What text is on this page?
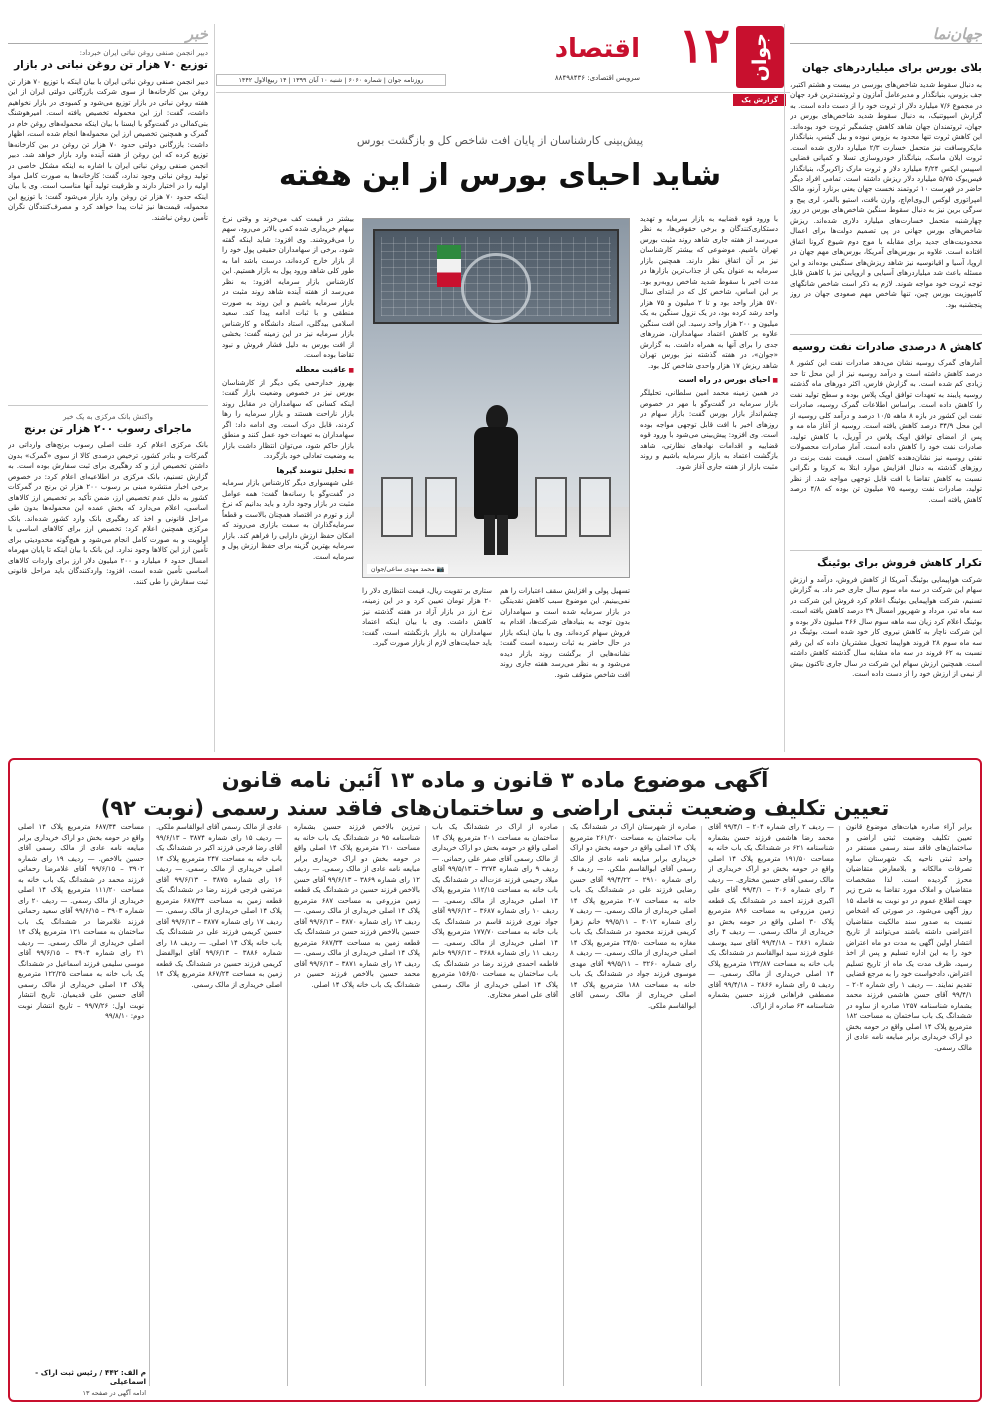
جوان
۱۲
اقتصاد
سرویس اقتصادی: ۸۸۴۹۸۴۳۶
روزنامه جوان | شماره ۶۰۶۰ | شنبه ۱۰ آبان ۱۳۹۹ | ۱۴ ربیع‌الاول ۱۴۴۲
گزارش یک
جهان‌نما
بلای بورس برای میلیاردرهای جهان
به دنبال سقوط شدید شاخص‌های بورسی در بیست و هشتم اکتبر، جف بزوس، بنیانگذار و مدیرعامل آمازون و ثروتمندترین فرد جهان در مجموع ۷/۶ میلیارد دلار از ثروت خود را از دست داده است. به گزارش اسپوتنیک، به دنبال سقوط شدید شاخص‌های بورس در جهان، ثروتمندان جهان شاهد کاهش چشمگیر ثروت خود بوده‌اند. این کاهش ثروت تنها محدود به بزوس نبوده و بیل گیتس، بنیانگذار مایکروسافت نیز متحمل خسارت ۲/۳ میلیارد دلاری شده است. ثروت ایلان ماسک، بنیانگذار خودروسازی تسلا و کمپانی فضایی اسپیس ایکس ۴/۲۴ میلیارد دلار و ثروت مارک زاکربرگ، بنیانگذار فیس‌بوک ۵/۷۵ میلیارد دلار ریزش داشته است. تمامی افراد دیگر حاضر در فهرست ۱۰ ثروتمند نخست جهان یعنی برنارد آرنو، مالک امپراتوری لوکس ال‌وی‌ام‌اچ، وارن بافت، استیو بالمر، لری پیج و سرگی برین نیز به دنبال سقوط سنگین شاخص‌های بورس در روز چهارشنبه متحمل خسارت‌های میلیارد دلاری شده‌اند. ریزش شاخص‌های بورس جهانی در پی تصمیم دولت‌ها برای اعمال محدودیت‌های جدید برای مقابله با موج دوم شیوع کرونا اتفاق افتاده است. علاوه بر بورس‌های آمریکا، بورس‌های مهم جهان در اروپا، آسیا و اقیانوسیه نیز شاهد ریزش‌های سنگینی بوده‌اند و این مسئله باعث شد میلیاردرهای آسیایی و اروپایی نیز با کاهش قابل توجه ثروت خود مواجه شوند. لازم به ذکر است شاخص شانگهای کامپوزیت بورس چین، تنها شاخص مهم صعودی جهان در روز پنجشنبه بود.
کاهش ۸ درصدی صادرات نفت روسیه
آمارهای گمرک روسیه نشان می‌دهد صادرات نفت این کشور ۸ درصد کاهش داشته است و درآمد روسیه نیز از این محل تا حد زیادی کم شده است. به گزارش فارس، اکثر دورهای ماه گذشته روسیه پایبند به تعهدات توافق اوپک پلاس بوده و سطح تولید نفت را کاهش داده است. براساس اطلاعات گمرک روسیه، صادرات نفت این کشور در بازه ۸ ماهه ۱۰/۵ درصد و درآمد کلی روسیه از این محل ۳۴/۹ درصد کاهش یافته است. روسیه از آغاز ماه مه و پس از امضای توافق اوپک پلاس در آوریل، با کاهش تولید، صادرات نفت خود را کاهش داده است. آمار صادرات محصولات نفتی روسیه نیز نشان‌دهنده کاهش است. قیمت نفت برنت در روزهای گذشته به دنبال افزایش موارد ابتلا به کرونا و نگرانی نسبت به کاهش تقاضا با افت قابل توجهی مواجه شد. از نظر تولید، صادرات نفت روسیه ۷۵ میلیون تن بوده که ۴/۸ درصد کاهش یافته است.
تکرار کاهش فروش برای بوئینگ
شرکت هواپیمایی بوئینگ آمریکا از کاهش فروش، درآمد و ارزش سهام این شرکت در سه ماه سوم سال جاری خبر داد. به گزارش تسنیم، شرکت هواپیمایی بوئینگ اعلام کرد فروش این شرکت در سه ماه تیر، مرداد و شهریور امسال ۲۹ درصد کاهش یافته است. بوئینگ اعلام کرد زیان سه ماهه سوم سال ۴۶۶ میلیون دلار بوده و این شرکت ناچار به کاهش نیروی کار خود شده است. بوئینگ در سه ماه سوم ۲۸ فروند هواپیما تحویل مشتریان داده که این رقم نسبت به ۶۲ فروند در سه ماه مشابه سال گذشته کاهش داشته است. همچنین ارزش سهام این شرکت در سال جاری تاکنون بیش از نیمی از ارزش خود را از دست داده است.
پیش‌بینی کارشناسان از پایان افت شاخص کل و بازگشت بورس
شاید احیای بورس از این هفته

با ورود قوه قضاییه به بازار سرمایه و تهدید دستکاری‌کنندگان و برخی حقوقی‌ها، به نظر می‌رسد از هفته جاری شاهد روند مثبت بورس تهران باشیم. موضوعی که بیشتر کارشناسان نیز بر آن اتفاق نظر دارند. همچنین بازار سرمایه به عنوان یکی از جذاب‌ترین بازارها در مدت اخیر با سقوط شدید شاخص روبه‌رو بود. بر این اساس، شاخص کل که در ابتدای سال ۵۷۰ هزار واحد بود و تا ۲ میلیون و ۷۵ هزار واحد رشد کرده بود، در یک نزول سنگین به یک میلیون و ۲۰۰ هزار واحد رسید. این افت سنگین علاوه بر کاهش اعتماد سهامداران، ضررهای جدی را برای آنها به همراه داشت. به گزارش «جوان»، در هفته گذشته نیز بورس تهران شاهد ریزش ۱۷ هزار واحدی شاخص کل بود.

■ احیای بورس در راه است

در همین زمینه محمد امین سلطانی، تحلیلگر بازار سرمایه در گفت‌وگو با مهر در خصوص چشم‌انداز بازار بورس گفت: بازار سهام در روزهای اخیر با افت قابل توجهی مواجه بوده است. وی افزود: پیش‌بینی می‌شود با ورود قوه قضاییه و اقدامات نهادهای نظارتی، شاهد بازگشت اعتماد به بازار سرمایه باشیم و روند مثبت بازار از هفته جاری آغاز شود.

📷 محمد مهدی ساعی/جوان

تسهیل پولی و افزایش سقف اعتبارات را هم نمی‌بینیم. این موضوع سبب کاهش نقدینگی در بازار سرمایه شده است و سهامداران بدون توجه به بنیادهای شرکت‌ها، اقدام به فروش سهام کرده‌اند. وی با بیان اینکه بازار در حال حاضر به ثبات رسیده است گفت: نشانه‌هایی از برگشت روند بازار دیده می‌شود و به نظر می‌رسد هفته جاری روند افت شاخص متوقف شود.

ستاری بر تقویت ریال، قیمت انتظاری دلار را ۲۰ هزار تومان تعیین کرد و در این زمینه، نرخ ارز در بازار آزاد در هفته گذشته نیز کاهش داشت. وی با بیان اینکه اعتماد سهامداران به بازار بازنگشته است، گفت: باید حمایت‌های لازم از بازار صورت گیرد.

بیشتر در قیمت کف می‌خرند و وقتی نرخ سهام خریداری شده کمی بالاتر می‌رود، سهم را می‌فروشند. وی افزود: شاید اینکه گفته شود، برخی از سهامداران حقیقی پول خود را از بازار خارج کرده‌اند، درست باشد اما به طور کلی شاهد ورود پول به بازار هستیم. این کارشناس بازار سرمایه افزود: به نظر می‌رسد از هفته آینده شاهد روند مثبت در بازار سرمایه باشیم و این روند به صورت منطقی و با ثبات ادامه پیدا کند. سعید اسلامی بیدگلی، استاد دانشگاه و کارشناس بازار سرمایه نیز در این زمینه گفت: بخشی از افت بورس به دلیل فشار فروش و نبود تقاضا بوده است.

■ عاقبت معطله

بهروز خدارحمی یکی دیگر از کارشناسان بورس نیز در خصوص وضعیت بازار گفت: اینکه کسانی که سهامداران در مقابل روند بازار ناراحت هستند و بازار سرمایه را رها کردند، قابل درک است. وی ادامه داد: اگر سهامداران به تعهدات خود عمل کنند و منطق بازار حاکم شود، می‌توان انتظار داشت بازار به وضعیت تعادلی خود بازگردد.

■ تحلیل تنومند گیرها

علی شهسواری دیگر کارشناس بازار سرمایه در گفت‌وگو با رسانه‌ها گفت: همه عوامل مثبت در بازار وجود دارد و باید بدانیم که نرخ ارز و تورم در اقتصاد همچنان بالاست و قطعاً سرمایه‌گذاران به سمت بازاری می‌روند که امکان حفظ ارزش دارایی را فراهم کند. بازار سرمایه بهترین گزینه برای حفظ ارزش پول و سرمایه است.

خبر
دبیر انجمن صنفی روغن نباتی ایران خبرداد:
توزیع ۷۰ هزار تن روغن نباتی در بازار
دبیر انجمن صنفی روغن نباتی ایران با بیان اینکه با توزیع ۷۰ هزار تن روغن بین کارخانه‌ها از سوی شرکت بازرگانی دولتی ایران از این هفته روغن نباتی در بازار توزیع می‌شود و کمبودی در بازار نخواهیم داشت، گفت: ارز این محموله تخصیص یافته است. امیرهوشنگ بنی‌کمالی در گفت‌وگو با ایسنا با بیان اینکه محموله‌های روغن خام در گمرک و همچنین تخصیص ارز این محموله‌ها انجام شده است، اظهار داشت: بازرگانی دولتی حدود ۷۰ هزار تن روغن در بین کارخانه‌ها توزیع کرده که این روغن از هفته آینده وارد بازار خواهد شد. دبیر انجمن صنفی روغن نباتی ایران با اشاره به اینکه مشکل خاصی در تولید روغن نباتی وجود ندارد، گفت: کارخانه‌ها به صورت کامل مواد اولیه را در اختیار دارند و ظرفیت تولید آنها مناسب است. وی با بیان اینکه حدود ۷۰ هزار تن روغن وارد بازار می‌شود گفت: با توزیع این محموله، قیمت‌ها نیز ثبات پیدا خواهد کرد و مصرف‌کنندگان نگران تأمین روغن نباشند.
واکنش بانک مرکزی به یک خبر
ماجرای رسوب ۲۰۰ هزار تن برنج
بانک مرکزی اعلام کرد علت اصلی رسوب برنج‌های وارداتی در گمرکات و بنادر کشور، ترخیص درصدی کالا از سوی «گمرک» بدون داشتن تخصیص ارز و کد رهگیری برای ثبت سفارش بوده است. به گزارش تسنیم، بانک مرکزی در اطلاعیه‌ای اعلام کرد: در خصوص برخی اخبار منتشره مبنی بر رسوب ۲۰۰ هزار تن برنج در گمرکات کشور به دلیل عدم تخصیص ارز، ضمن تأکید بر تخصیص ارز کالاهای اساسی، اعلام می‌دارد که بخش عمده این محموله‌ها بدون طی مراحل قانونی و اخذ کد رهگیری بانک وارد کشور شده‌اند. بانک مرکزی همچنین اعلام کرد: تخصیص ارز برای کالاهای اساسی با اولویت و به صورت کامل انجام می‌شود و هیچ‌گونه محدودیتی برای تأمین ارز این کالاها وجود ندارد. این بانک با بیان اینکه تا پایان مهرماه امسال حدود ۶ میلیارد و ۲۰۰ میلیون دلار ارز برای واردات کالاهای اساسی تأمین شده است، افزود: واردکنندگان باید مراحل قانونی ثبت سفارش را طی کنند.
آگهی موضوع ماده ۳ قانون و ماده ۱۳ آئین نامه قانون
تعیین تکلیف وضعیت ثبتی اراضی و ساختمان‌های فاقد سند رسمی (نوبت ۹۲)
برابر آراء صادره هیات‌های موضوع قانون تعیین تکلیف وضعیت ثبتی اراضی و ساختمان‌های فاقد سند رسمی مستقر در واحد ثبتی ناحیه یک شهرستان ساوه تصرفات مالکانه و بلامعارض متقاضیان محرز گردیده است. لذا مشخصات متقاضیان و املاک مورد تقاضا به شرح زیر جهت اطلاع عموم در دو نوبت به فاصله ۱۵ روز آگهی می‌شود. در صورتی که اشخاص نسبت به صدور سند مالکیت متقاضیان اعتراضی داشته باشند می‌توانند از تاریخ انتشار اولین آگهی به مدت دو ماه اعتراض خود را به این اداره تسلیم و پس از اخذ رسید، ظرف مدت یک ماه از تاریخ تسلیم اعتراض، دادخواست خود را به مرجع قضایی تقدیم نمایند. — ردیف ۱ رای شماره ۲۰۲ – ۹۹/۴/۱ آقای حسن هاشمی فرزند محمد بشماره شناسنامه ۱۲۵۷ صادره از ساوه در ششدانگ یک باب ساختمان به مساحت ۱۸۲ مترمربع پلاک ۱۴ اصلی واقع در حومه بخش دو اراک خریداری برابر مبایعه نامه عادی از مالک رسمی.
— ردیف ۲ رای شماره ۲۰۴ – ۹۹/۴/۱ آقای محمد رضا هاشمی فرزند حسن بشماره شناسنامه ۶۲۱ در ششدانگ یک باب خانه به مساحت ۱۹۱/۵۰ مترمربع پلاک ۱۴ اصلی واقع در حومه بخش دو اراک خریداری از مالک رسمی آقای حسین مختاری. — ردیف ۳ رای شماره ۲۰۶ – ۹۹/۴/۱ آقای علی اکبری فرزند احمد در ششدانگ یک قطعه زمین مزروعی به مساحت ۸۹۶ مترمربع پلاک ۳۰ اصلی واقع در حومه بخش دو خریداری از مالک رسمی. — ردیف ۴ رای شماره ۲۸۶۱ – ۹۹/۴/۱۸ آقای سید یوسف علوی فرزند سید ابوالقاسم در ششدانگ یک باب خانه به مساحت ۱۳۲/۸۷ مترمربع پلاک ۱۴ اصلی خریداری از مالک رسمی. — ردیف ۵ رای شماره ۲۸۶۶ – ۹۹/۴/۱۸ آقای مصطفی فراهانی فرزند حسین بشماره شناسنامه ۶۳ صادره از اراک.
صادره از شهرستان اراک در ششدانگ یک باب ساختمان به مساحت ۲۶۱/۲۰ مترمربع پلاک ۱۴ اصلی واقع در حومه بخش دو اراک خریداری برابر مبایعه نامه عادی از مالک رسمی آقای ابوالقاسم ملکی. — ردیف ۶ رای شماره ۲۹۱۰ – ۹۹/۴/۲۲ آقای حسن رضایی فرزند علی در ششدانگ یک باب خانه به مساحت ۲۰۷ مترمربع پلاک ۱۴ اصلی خریداری از مالک رسمی. — ردیف ۷ رای شماره ۳۰۱۲ – ۹۹/۵/۱۱ خانم زهرا کریمی فرزند محمود در ششدانگ یک باب مغازه به مساحت ۲۴/۵۰ مترمربع پلاک ۱۴ اصلی خریداری از مالک رسمی. — ردیف ۸ رای شماره ۳۲۶۰ – ۹۹/۵/۱۱ آقای مهدی موسوی فرزند جواد در ششدانگ یک باب خانه به مساحت ۱۸۸ مترمربع پلاک ۱۴ اصلی خریداری از مالک رسمی آقای ابوالقاسم ملکی.
صادره از اراک در ششدانگ یک باب ساختمان به مساحت ۲۰۱ مترمربع پلاک ۱۴ اصلی واقع در حومه بخش دو اراک خریداری از مالک رسمی آقای صفر علی رحمانی. — ردیف ۹ رای شماره ۳۲۷۳ – ۹۹/۵/۱۳ آقای میلاد رحیمی فرزند عزت‌اله در ششدانگ یک باب خانه به مساحت ۱۱۲/۱۵ مترمربع پلاک ۱۴ اصلی خریداری از مالک رسمی. — ردیف ۱۰ رای شماره ۳۶۸۷ – ۹۹/۶/۱۲ آقای جواد نوری فرزند قاسم در ششدانگ یک باب خانه به مساحت ۱۷۷/۷۰ مترمربع پلاک ۱۴ اصلی خریداری از مالک رسمی. — ردیف ۱۱ رای شماره ۳۶۸۸ – ۹۹/۶/۱۲ خانم فاطمه احمدی فرزند رضا در ششدانگ یک باب ساختمان به مساحت ۱۵۶/۵۰ مترمربع پلاک ۱۴ اصلی خریداری از مالک رسمی آقای علی اصغر مختاری.
تبرزین بالاخص فرزند حسین بشماره شناسنامه ۹۵ در ششدانگ یک باب خانه به مساحت ۲۱۰ مترمربع پلاک ۱۴ اصلی واقع در حومه بخش دو اراک خریداری برابر مبایعه نامه عادی از مالک رسمی. — ردیف ۱۲ رای شماره ۳۸۶۹ – ۹۹/۶/۱۳ آقای حسن بالاخص فرزند حسین در ششدانگ یک قطعه زمین مزروعی به مساحت ۶۸۷ مترمربع پلاک ۱۴ اصلی خریداری از مالک رسمی. — ردیف ۱۳ رای شماره ۳۸۷۰ – ۹۹/۶/۱۳ آقای حسین بالاخص فرزند حسن در ششدانگ یک قطعه زمین به مساحت ۶۸۷/۳۴ مترمربع پلاک ۱۴ اصلی خریداری از مالک رسمی. — ردیف ۱۴ رای شماره ۳۸۷۱ – ۹۹/۶/۱۳ آقای محمد حسین بالاخص فرزند حسین در ششدانگ یک باب خانه پلاک ۱۴ اصلی.
عادی از مالک رسمی آقای ابوالقاسم ملکی. — ردیف ۱۵ رای شماره ۳۸۷۴ – ۹۹/۶/۱۳ آقای رضا فرجی فرزند اکبر در ششدانگ یک باب خانه به مساحت ۲۴۷ مترمربع پلاک ۱۴ اصلی خریداری از مالک رسمی. — ردیف ۱۶ رای شماره ۳۸۷۵ – ۹۹/۶/۱۳ آقای مرتضی فرجی فرزند رضا در ششدانگ یک قطعه زمین به مساحت ۶۸۷/۳۴ مترمربع پلاک ۱۴ اصلی خریداری از مالک رسمی. — ردیف ۱۷ رای شماره ۳۸۷۷ – ۹۹/۶/۱۳ آقای حسین کریمی فرزند علی در ششدانگ یک باب خانه پلاک ۱۴ اصلی. — ردیف ۱۸ رای شماره ۳۸۸۶ – ۹۹/۶/۱۳ آقای ابوالفضل کریمی فرزند حسین در ششدانگ یک قطعه زمین به مساحت ۸۶۷/۲۴ مترمربع پلاک ۱۴ اصلی خریداری از مالک رسمی.
مساحت ۶۸۷/۳۴ مترمربع پلاک ۱۴ اصلی واقع در حومه بخش دو اراک خریداری برابر مبایعه نامه عادی از مالک رسمی آقای حسین بالاخص. — ردیف ۱۹ رای شماره ۳۹۰۲ – ۹۹/۶/۱۵ آقای غلامرضا رحمانی فرزند محمد در ششدانگ یک باب خانه به مساحت ۱۱۱/۲۰ مترمربع پلاک ۱۴ اصلی خریداری از مالک رسمی. — ردیف ۲۰ رای شماره ۳۹۰۳ – ۹۹/۶/۱۵ آقای سعید رحمانی فرزند غلامرضا در ششدانگ یک باب ساختمان به مساحت ۱۲۱ مترمربع پلاک ۱۴ اصلی خریداری از مالک رسمی. — ردیف ۲۱ رای شماره ۳۹۰۴ – ۹۹/۶/۱۵ آقای موسی سلیمی فرزند اسماعیل در ششدانگ یک باب خانه به مساحت ۱۲۲/۲۵ مترمربع پلاک ۱۴ اصلی خریداری از مالک رسمی آقای حسین علی قدیمیان. تاریخ انتشار نوبت اول: ۹۹/۷/۲۶ – تاریخ انتشار نوبت دوم: ۹۹/۸/۱۰
م الف: ۴۴۲ / رئیس ثبت اراک - اسماعیلی
ادامه آگهی در صفحه ۱۳
